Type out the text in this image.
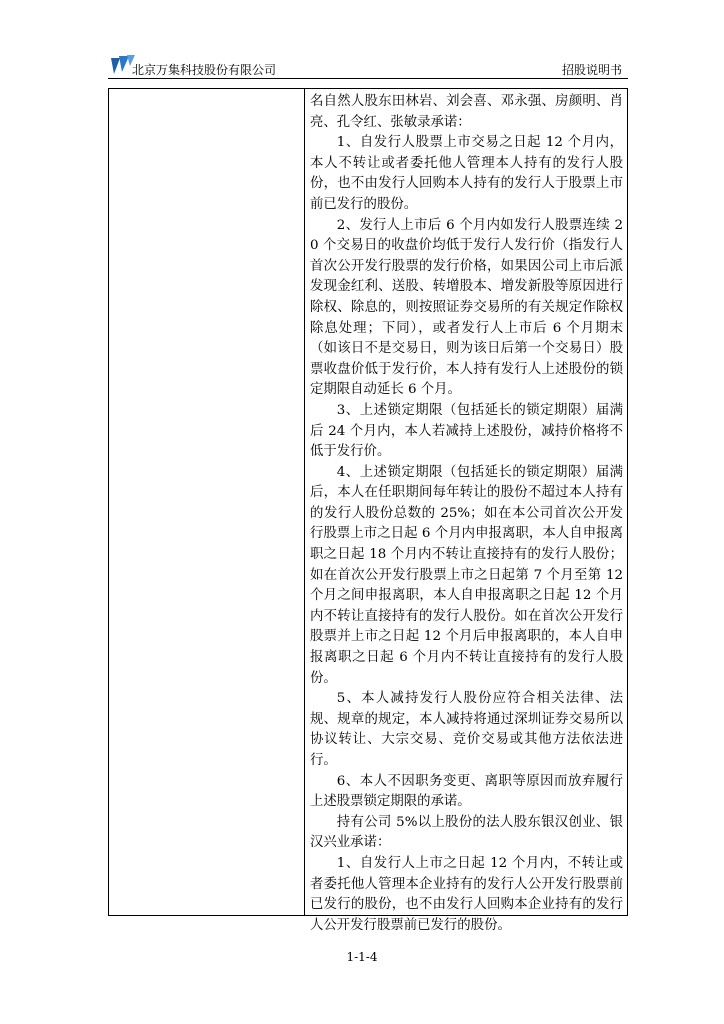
北京万集科技股份有限公司	招股说明书

名自然人股东田林岩、刘会喜、邓永强、房颜明、肖亮、孔令红、张敏录承诺：

1、自发行人股票上市交易之日起 12 个月内，本人不转让或者委托他人管理本人持有的发行人股份，也不由发行人回购本人持有的发行人于股票上市前已发行的股份。

2、发行人上市后 6 个月内如发行人股票连续 20 个交易日的收盘价均低于发行人发行价（指发行人首次公开发行股票的发行价格，如果因公司上市后派发现金红利、送股、转增股本、增发新股等原因进行除权、除息的，则按照证券交易所的有关规定作除权除息处理；下同），或者发行人上市后 6 个月期末（如该日不是交易日，则为该日后第一个交易日）股票收盘价低于发行价，本人持有发行人上述股份的锁定期限自动延长 6 个月。

3、上述锁定期限（包括延长的锁定期限）届满后 24 个月内，本人若减持上述股份，减持价格将不低于发行价。

4、上述锁定期限（包括延长的锁定期限）届满后，本人在任职期间每年转让的股份不超过本人持有的发行人股份总数的 25%；如在本公司首次公开发行股票上市之日起 6 个月内申报离职，本人自申报离职之日起 18 个月内不转让直接持有的发行人股份；如在首次公开发行股票上市之日起第 7 个月至第 12 个月之间申报离职，本人自申报离职之日起 12 个月内不转让直接持有的发行人股份。如在首次公开发行股票并上市之日起 12 个月后申报离职的，本人自申报离职之日起 6 个月内不转让直接持有的发行人股份。

5、本人减持发行人股份应符合相关法律、法规、规章的规定，本人减持将通过深圳证券交易所以协议转让、大宗交易、竞价交易或其他方法依法进行。

6、本人不因职务变更、离职等原因而放弃履行上述股票锁定期限的承诺。

持有公司 5%以上股份的法人股东银汉创业、银汉兴业承诺：

1、自发行人上市之日起 12 个月内，不转让或者委托他人管理本企业持有的发行人公开发行股票前已发行的股份，也不由发行人回购本企业持有的发行人公开发行股票前已发行的股份。

1-1-4
